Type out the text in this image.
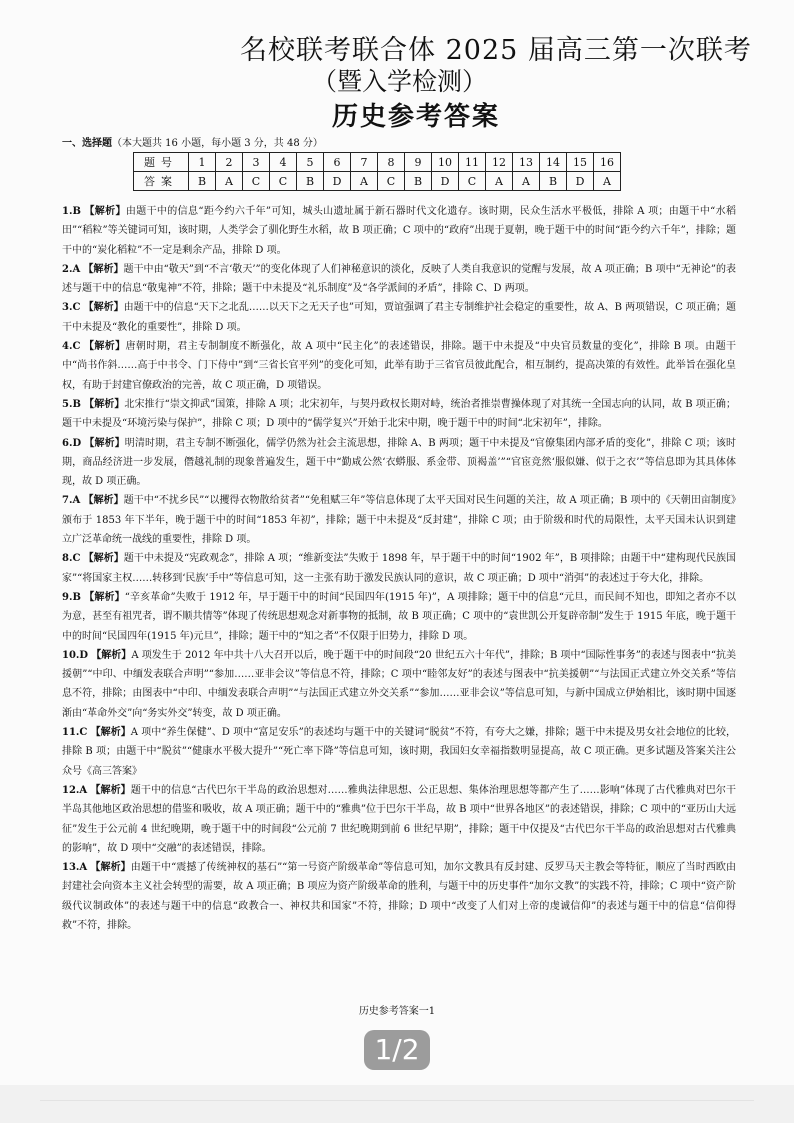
名校联考联合体 2025 届高三第一次联考
（暨入学检测）
历史参考答案
一、选择题（本大题共 16 小题，每小题 3 分，共 48 分）
题号	1	2	3	4	5	6	7	8	9	10	11	12	13	14	15	16
答案	B	A	C	C	B	D	A	C	B	D	C	A	A	B	D	A
1.B 【解析】由题干中的信息“距今约六千年”可知，城头山遗址属于新石器时代文化遗存。该时期，民众生活水平极低，排除 A 项；由题干中“水稻田”“稻粒”等关键词可知，该时期，人类学会了驯化野生水稻，故 B 项正确；C 项中的“政府”出现于夏朝，晚于题干中的时间“距今约六千年”，排除；题干中的“炭化稻粒”不一定是剩余产品，排除 D 项。
2.A 【解析】题干中由“敬天”到“不言‘敬天’”的变化体现了人们神秘意识的淡化，反映了人类自我意识的觉醒与发展，故 A 项正确；B 项中“无神论”的表述与题干中的信息“敬鬼神”不符，排除；题干中未提及“礼乐制度”及“各学派间的矛盾”，排除 C、D 两项。
3.C 【解析】由题干中的信息“天下之北乱……以天下之无天子也”可知，贾谊强调了君主专制维护社会稳定的重要性，故 A、B 两项错误，C 项正确；题干中未提及“教化的重要性”，排除 D 项。
4.C 【解析】唐朝时期，君主专制制度不断强化，故 A 项中“民主化”的表述错误，排除。题干中未提及“中央官员数量的变化”，排除 B 项。由题干中“尚书作斜……高于中书令、门下侍中”到“三省长官平列”的变化可知，此举有助于三省官员彼此配合，相互制约，提高决策的有效性。此举旨在强化皇权，有助于封建官僚政治的完善，故 C 项正确，D 项错误。
5.B 【解析】北宋推行“崇文抑武”国策，排除 A 项；北宋初年，与契丹政权长期对峙，统治者推崇曹操体现了对其统一全国志向的认同，故 B 项正确；题干中未提及“环境污染与保护”，排除 C 项；D 项中的“儒学复兴”开始于北宋中期，晚于题干中的时间“北宋初年”，排除。
6.D 【解析】明清时期，君主专制不断强化，儒学仍然为社会主流思想，排除 A、B 两项；题干中未提及“官僚集团内部矛盾的变化”，排除 C 项；该时期，商品经济进一步发展，僭越礼制的现象普遍发生，题干中“勤咸公然‘衣蟒服、系金带、顶褐盖’”“官宦竞然‘服似嫌、似于之衣’”等信息即为其具体体现，故 D 项正确。
7.A 【解析】题干中“不扰乡民”“以攫得衣物散给贫者”“免租赋三年”等信息体现了太平天国对民生问题的关注，故 A 项正确；B 项中的《天朝田亩制度》颁布于 1853 年下半年，晚于题干中的时间“1853 年初”，排除；题干中未提及“反封建”，排除 C 项；由于阶级和时代的局限性，太平天国未认识到建立广泛革命统一战线的重要性，排除 D 项。
8.C 【解析】题干中未提及“宪政观念”，排除 A 项；“维新变法”失败于 1898 年，早于题干中的时间“1902 年”，B 项排除；由题干中“建构现代民族国家”“将国家主权……转移到‘民族’手中”等信息可知，这一主张有助于激发民族认同的意识，故 C 项正确；D 项中“消弭”的表述过于夸大化，排除。
9.B 【解析】“辛亥革命”失败于 1912 年，早于题干中的时间“民国四年(1915 年)”，A 项排除；题干中的信息“元旦，而民间不知也，即知之者亦不以为意，甚至有祖咒者，谓不顺共情等”体现了传统思想观念对新事物的抵制，故 B 项正确；C 项中的“袁世凯公开复辟帝制”发生于 1915 年底，晚于题干中的时间“民国四年(1915 年)元旦”，排除；题干中的“知之者”不仅限于旧势力，排除 D 项。
10.D 【解析】A 项发生于 2012 年中共十八大召开以后，晚于题干中的时间段“20 世纪五六十年代”，排除；B 项中“国际性事务”的表述与图表中“抗美援朝”“中印、中缅发表联合声明”“参加……亚非会议”等信息不符，排除；C 项中“睦邻友好”的表述与图表中“抗美援朝”“与法国正式建立外交关系”等信息不符，排除；由图表中“中印、中缅发表联合声明”“与法国正式建立外交关系”“参加……亚非会议”等信息可知，与新中国成立伊始相比，该时期中国逐渐由“革命外交”向“务实外交”转变，故 D 项正确。
11.C 【解析】A 项中“养生保健”、D 项中“富足安乐”的表述均与题干中的关键词“脱贫”不符，有夸大之嫌，排除；题干中未提及男女社会地位的比较，排除 B 项；由题干中“脱贫”“健康水平极大提升”“死亡率下降”等信息可知，该时期，我国妇女幸福指数明显提高，故 C 项正确。更多试题及答案关注公众号《高三答案》
12.A 【解析】题干中的信息“古代巴尔干半岛的政治思想对……雅典法律思想、公正思想、集体治理思想等都产生了……影响”体现了古代雅典对巴尔干半岛其他地区政治思想的借鉴和吸收，故 A 项正确；题干中的“雅典”位于巴尔干半岛，故 B 项中“世界各地区”的表述错误，排除；C 项中的“亚历山大远征”发生于公元前 4 世纪晚期，晚于题干中的时间段“公元前 7 世纪晚期到前 6 世纪早期”，排除；题干中仅提及“古代巴尔干半岛的政治思想对古代雅典的影响”，故 D 项中“交融”的表述错误，排除。
13.A 【解析】由题干中“震撼了传统神权的基石”“第一号资产阶级革命”等信息可知，加尔文教具有反封建、反罗马天主教会等特征，顺应了当时西欧由封建社会向资本主义社会转型的需要，故 A 项正确；B 项应为资产阶级革命的胜利，与题干中的历史事件“加尔文教”的实践不符，排除；C 项中“资产阶级代议制政体”的表述与题干中的信息“政教合一、神权共和国家”不符，排除；D 项中“改变了人们对上帝的虔诚信仰”的表述与题干中的信息“信仰得救”不符，排除。
历史参考答案一1
1/2
